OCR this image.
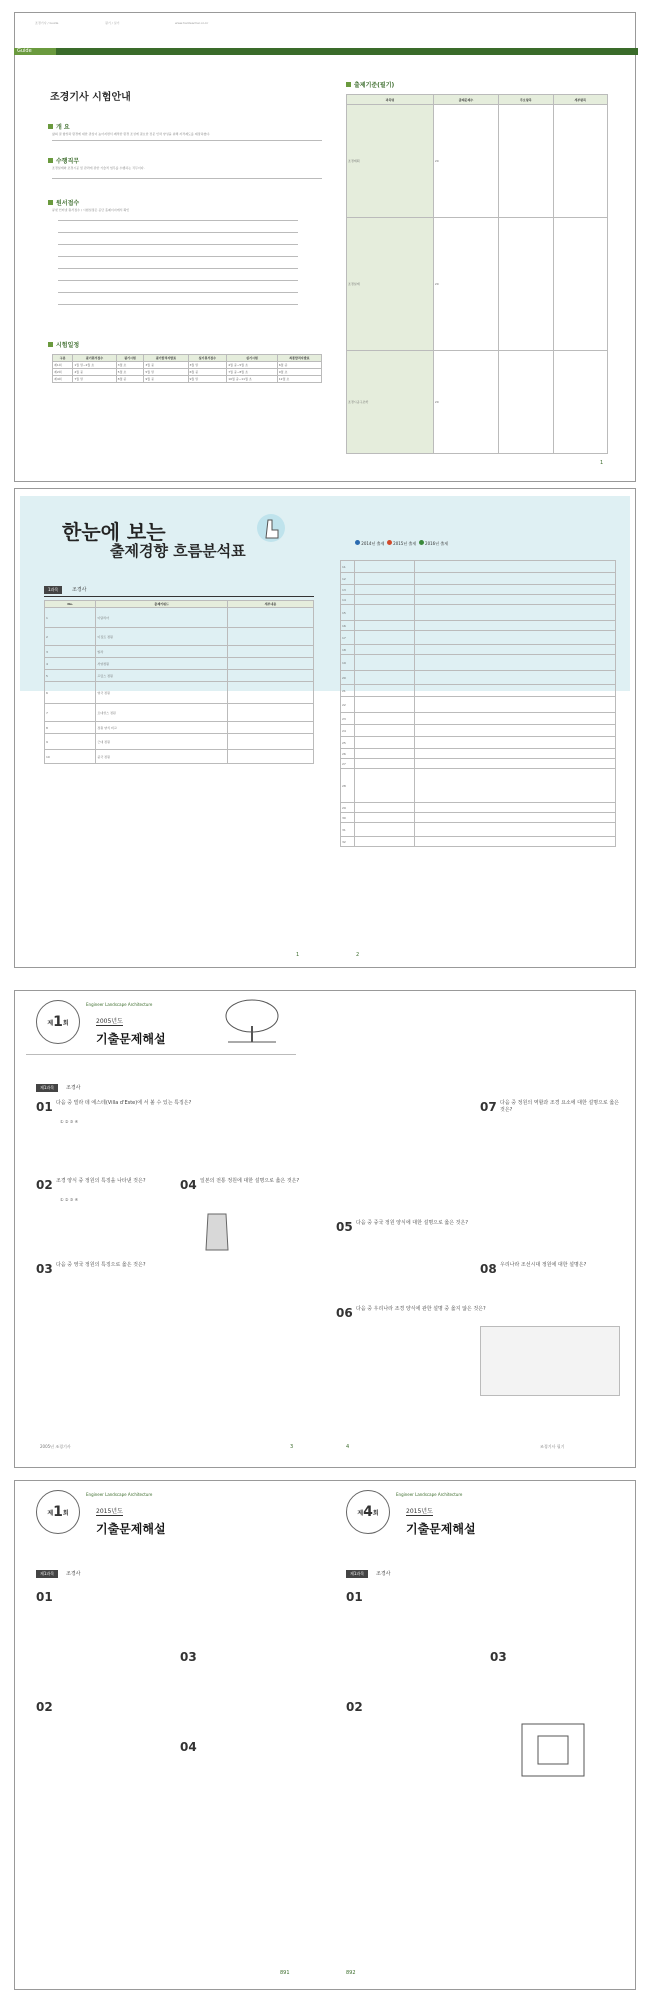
조경기사 / Guide	필기 / 실기	www.hanteacher.co.kr
Guide
조경기사 시험안내
개 요
삶의 질 향상과 환경에 대한 관심이 높아지면서 쾌적한 환경 조성에 필요한 전문 인력 양성을 위해 자격제도를 제정하였다.
수행직무
조경설계와 조경시공 및 관리에 관한 기술적 업무를 수행하는 직무이다.
원서접수
큐넷 인터넷 원서접수 / 시험일정은 공단 홈페이지에서 확인
시험일정
구분	필기원서접수	필기시험	필기합격자발표	실기원서접수	실기시험	최종합격자발표
제1회	1월 말~2월 초	3월 초	3월 중	3월 말	4월 중~5월 초	6월 중
제2회	4월 중	5월 초	5월 말	6월 중	7월 중~8월 초	9월 초
제4회	7월 말	8월 중	9월 중	9월 말	10월 중~11월 초	12월 초
출제기준(필기)
과목명	출제문제수	주요항목	세부항목
조경계획	20		
조경설계	20		
조경시공구조학	20		
1
한눈에 보는
출제경향 흐름분석표	2014년 출제 2015년 출제 2016년 출제
1과목	조경사
No.	출제키워드	세부내용
1	이탈리아	
2	이집트 정원	
3	빌라	
4	서양정원	
5	프랑스 정원	
6	영국 정원	
7	르네상스 정원	
8	정원 양식 비교	
9	근대 정원	
10	중국 정원	
11		
12		
13		
14		
15		
16		
17		
18		
19		
20		
21		
22		
23		
24		
25		
26		
27		
28		
29		
30		
31		
32		
1	2
제 1 회
Engineer Landscape Architecture
2005년도
기출문제해설
제1과목	조경사
01 다음 중 빌라 데 에스테(Villa d'Este)에 서 볼 수 있는 특징은?
① ② ③ ④
02 조경 양식 중 정원의 특징을 나타낸 것은?
① ② ③ ④
03 다음 중 영국 정원의 특징으로 옳은 것은?
04 일본의 전통 정원에 대한 설명으로 옳은 것은?
05 다음 중 중국 정원 양식에 대한 설명으로 옳은 것은?
06 다음 중 우리나라 조경 양식에 관한 설명 중 옳지 않은 것은?
07 다음 중 정원의 역할과 조경 요소에 대한 설명으로 옳은 것은?
08 우리나라 조선시대 정원에 대한 설명은?
2005년 조경기사	3	4	조경기사 필기
제 1 회
Engineer Landscape Architecture
2015년도
기출문제해설
제 4 회
Engineer Landscape Architecture
2015년도
기출문제해설
제1과목	조경사	제1과목	조경사
01
02
03
04
01
02
03
891	892
